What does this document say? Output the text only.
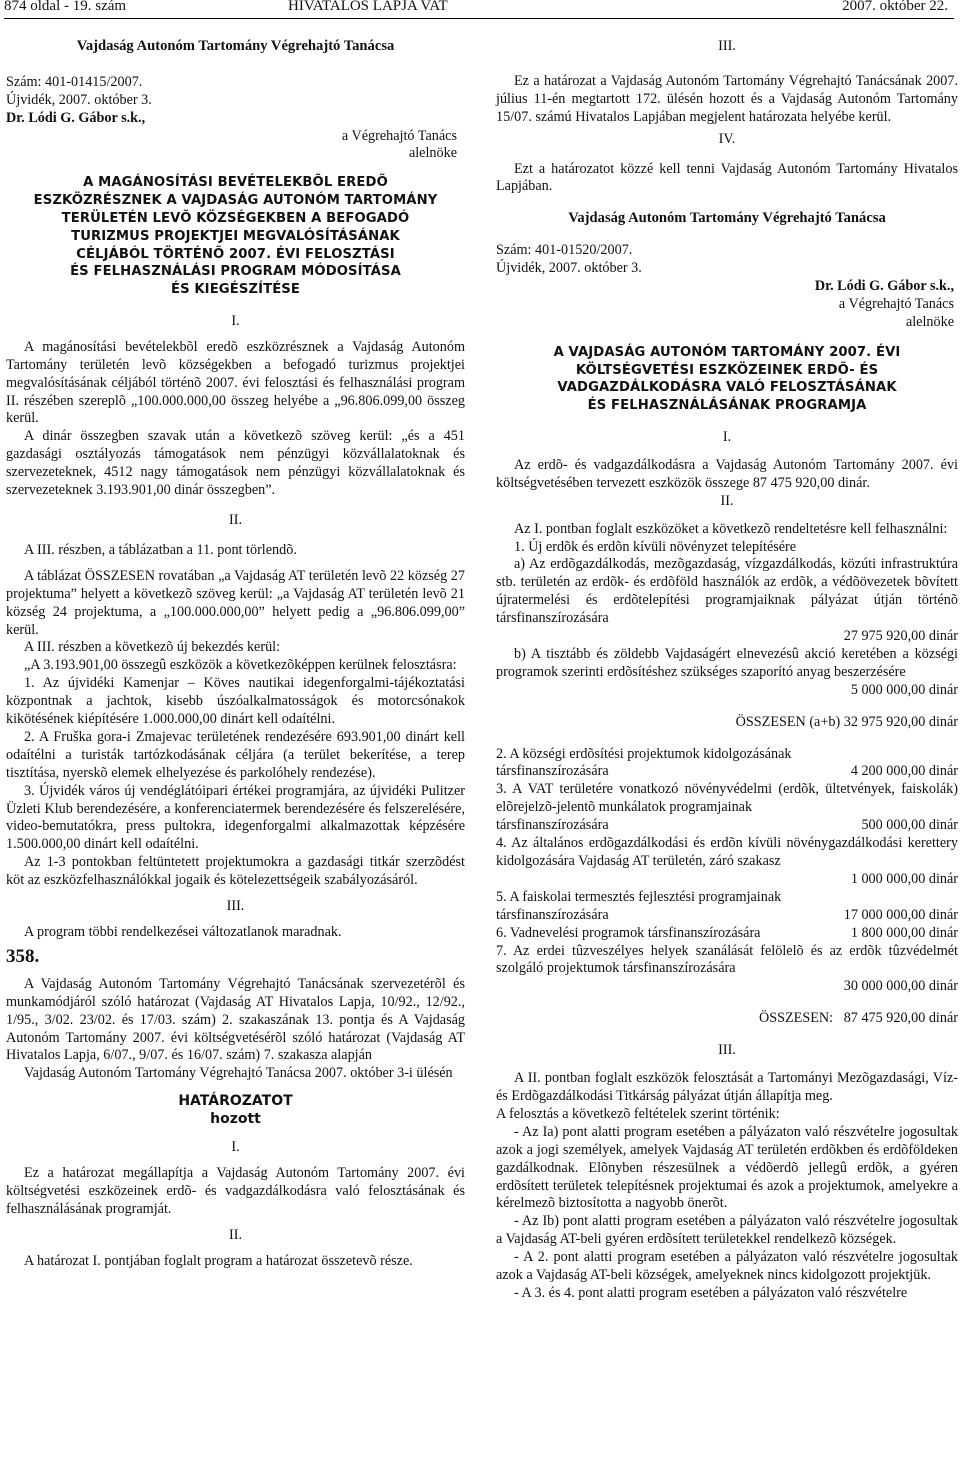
874 oldal - 19. szám	HIVATALOS LAPJA VAT	2007. október 22.

Vajdaság Autonóm Tartomány Végrehajtó Tanácsa

Szám: 401-01415/2007.

Újvidék, 2007. október 3.

Dr. Lódi G. Gábor s.k.,

a Végrehajtó Tanács

alelnöke

A MAGÁNOSÍTÁSI BEVÉTELEKBÕL EREDÕ

ESZKÖZRÉSZNEK A VAJDASÁG AUTONÓM TARTOMÁNY

TERÜLETÉN LEVÕ KÖZSÉGEKBEN A BEFOGADÓ

TURIZMUS PROJEKTJEI MEGVALÓSÍTÁSÁNAK

CÉLJÁBÓL TÖRTÉNÕ 2007. ÉVI FELOSZTÁSI

ÉS FELHASZNÁLÁSI PROGRAM MÓDOSÍTÁSA

ÉS KIEGÉSZÍTÉSE

I.

A magánosítási bevételekbõl eredõ eszközrésznek a Vajdaság Autonóm Tartomány területén levõ községekben a befogadó turizmus projektjei megvalósításának céljából történõ 2007. évi felosztási és felhasználási program II. részében szereplõ „100.000.000,00 összeg helyébe a „96.806.099,00 összeg kerül.

A dinár összegben szavak után a következõ szöveg kerül: „és a 451 gazdasági osztályozás támogatások nem pénzügyi közvállalatoknak és szervezeteknek, 4512 nagy támogatások nem pénzügyi közvállalatoknak és szervezeteknek 3.193.901,00 dinár összegben”.

II.

A III. részben, a táblázatban a 11. pont törlendõ.

A táblázat ÖSSZESEN rovatában „a Vajdaság AT területén levõ 22 község 27 projektuma” helyett a következõ szöveg kerül: „a Vajdaság AT területén levõ 21 község 24 projektuma, a „100.000.000,00” helyett pedig a „96.806.099,00” kerül.

A III. részben a következõ új bekezdés kerül:

„A 3.193.901,00 összegû eszközök a következõképpen kerülnek felosztásra:

1. Az újvidéki Kamenjar – Köves nautikai idegenforgalmi-tájékoztatási központnak a jachtok, kisebb úszóalkalmatosságok és motorcsónakok kikötésének kiépítésére 1.000.000,00 dinárt kell odaítélni.

2. A Fruška gora-i Zmajevac területének rendezésére 693.901,00 dinárt kell odaítélni a turisták tartózkodásának céljára (a terület bekerítése, a terep tisztítása, nyerskõ elemek elhelyezése és parkolóhely rendezése).

3. Újvidék város új vendéglátóipari értékei programjára, az újvidéki Pulitzer Üzleti Klub berendezésére, a konferenciatermek berendezésére és felszerelésére, video-bemutatókra, press pultokra, idegenforgalmi alkalmazottak képzésére 1.500.000,00 dinárt kell odaítélni.

Az 1-3 pontokban feltüntetett projektumokra a gazdasági titkár szerzõdést köt az eszközfelhasználókkal jogaik és kötelezettségeik szabályozásáról.

III.

A program többi rendelkezései változatlanok maradnak.

358.

A Vajdaság Autonóm Tartomány Végrehajtó Tanácsának szervezetérõl és munkamódjáról szóló határozat (Vajdaság AT Hivatalos Lapja, 10/92., 12/92., 1/95., 3/02. 23/02. és 17/03. szám) 2. szakaszának 13. pontja és A Vajdaság Autonóm Tartomány 2007. évi költségvetésérõl szóló határozat (Vajdaság AT Hivatalos Lapja, 6/07., 9/07. és 16/07. szám) 7. szakasza alapján

Vajdaság Autonóm Tartomány Végrehajtó Tanácsa 2007. október 3-i ülésén

HATÁROZATOT

hozott

I.

Ez a határozat megállapítja a Vajdaság Autonóm Tartomány 2007. évi költségvetési eszközeinek erdõ- és vadgazdálkodásra való felosztásának és felhasználásának programját.

II.

A határozat I. pontjában foglalt program a határozat összetevõ része.

III.

Ez a határozat a Vajdaság Autonóm Tartomány Végrehajtó Tanácsának 2007. július 11-én megtartott 172. ülésén hozott és a Vajdaság Autonóm Tartomány 15/07. számú Hivatalos Lapjában megjelent határozata helyébe kerül.

IV.

Ezt a határozatot közzé kell tenni Vajdaság Autonóm Tartomány Hivatalos Lapjában.

Vajdaság Autonóm Tartomány Végrehajtó Tanácsa

Szám: 401-01520/2007.

Újvidék, 2007. október 3.

Dr. Lódi G. Gábor s.k.,

a Végrehajtó Tanács

alelnöke

A VAJDASÁG AUTONÓM TARTOMÁNY 2007. ÉVI

KÖLTSÉGVETÉSI ESZKÖZEINEK ERDÕ- ÉS

VADGAZDÁLKODÁSRA VALÓ FELOSZTÁSÁNAK

ÉS FELHASZNÁLÁSÁNAK PROGRAMJA

I.

Az erdõ- és vadgazdálkodásra a Vajdaság Autonóm Tartomány 2007. évi költségvetésében tervezett eszközök összege 87 475 920,00 dinár.

II.

Az I. pontban foglalt eszközöket a következõ rendeltetésre kell felhasználni:

1. Új erdõk és erdõn kívüli növényzet telepítésére

a) Az erdõgazdálkodás, mezõgazdaság, vízgazdálkodás, közúti infrastruktúra stb. területén az erdõk- és erdõföld használók az erdõk, a védõövezetek bõvített újratermelési és erdõtelepítési programjaiknak pályázat útján történõ társfinanszírozására

27 975 920,00 dinár

b) A tisztább és zöldebb Vajdaságért elnevezésû akció keretében a községi programok szerinti erdõsítéshez szükséges szaporító anyag beszerzésére

5 000 000,00 dinár

ÖSSZESEN (a+b) 32 975 920,00 dinár

2. A községi erdõsítési projektumok kidolgozásának

társfinanszírozására	4 200 000,00 dinár

3. A VAT területére vonatkozó növényvédelmi (erdõk, ültetvények, faiskolák) elõrejelzõ-jelentõ munkálatok programjainak

társfinanszírozására	500 000,00 dinár

4. Az általános erdõgazdálkodási és erdõn kívüli növénygazdálkodási kerettery kidolgozására Vajdaság AT területén, záró szakasz

1 000 000,00 dinár

5. A faiskolai termesztés fejlesztési programjainak

társfinanszírozására	17 000 000,00 dinár
6. Vadnevelési programok társfinanszírozására	1 800 000,00 dinár

7. Az erdei tûzveszélyes helyek szanálását felölelõ és az erdõk tûzvédelmét szolgáló projektumok társfinanszírozására

30 000 000,00 dinár

ÖSSZESEN:   87 475 920,00 dinár

III.

A II. pontban foglalt eszközök felosztását a Tartományi Mezõgazdasági, Víz- és Erdõgazdálkodási Titkárság pályázat útján állapítja meg.

A felosztás a következõ feltételek szerint történik:

- Az Ia) pont alatti program esetében a pályázaton való részvételre jogosultak azok a jogi személyek, amelyek Vajdaság AT területén erdõkben és erdõföldeken gazdálkodnak. Elõnyben részesülnek a védõerdõ jellegû erdõk, a gyéren erdõsített területek telepítésnek projektumai és azok a projektumok, amelyekre a kérelmezõ biztosította a nagyobb önerõt.

- Az Ib) pont alatti program esetében a pályázaton való részvételre jogosultak a Vajdaság AT-beli gyéren erdõsített területekkel rendelkezõ községek.

- A 2. pont alatti program esetében a pályázaton való részvételre jogosultak azok a Vajdaság AT-beli községek, amelyeknek nincs kidolgozott projektjük.

- A 3. és 4. pont alatti program esetében a pályázaton való részvételre
